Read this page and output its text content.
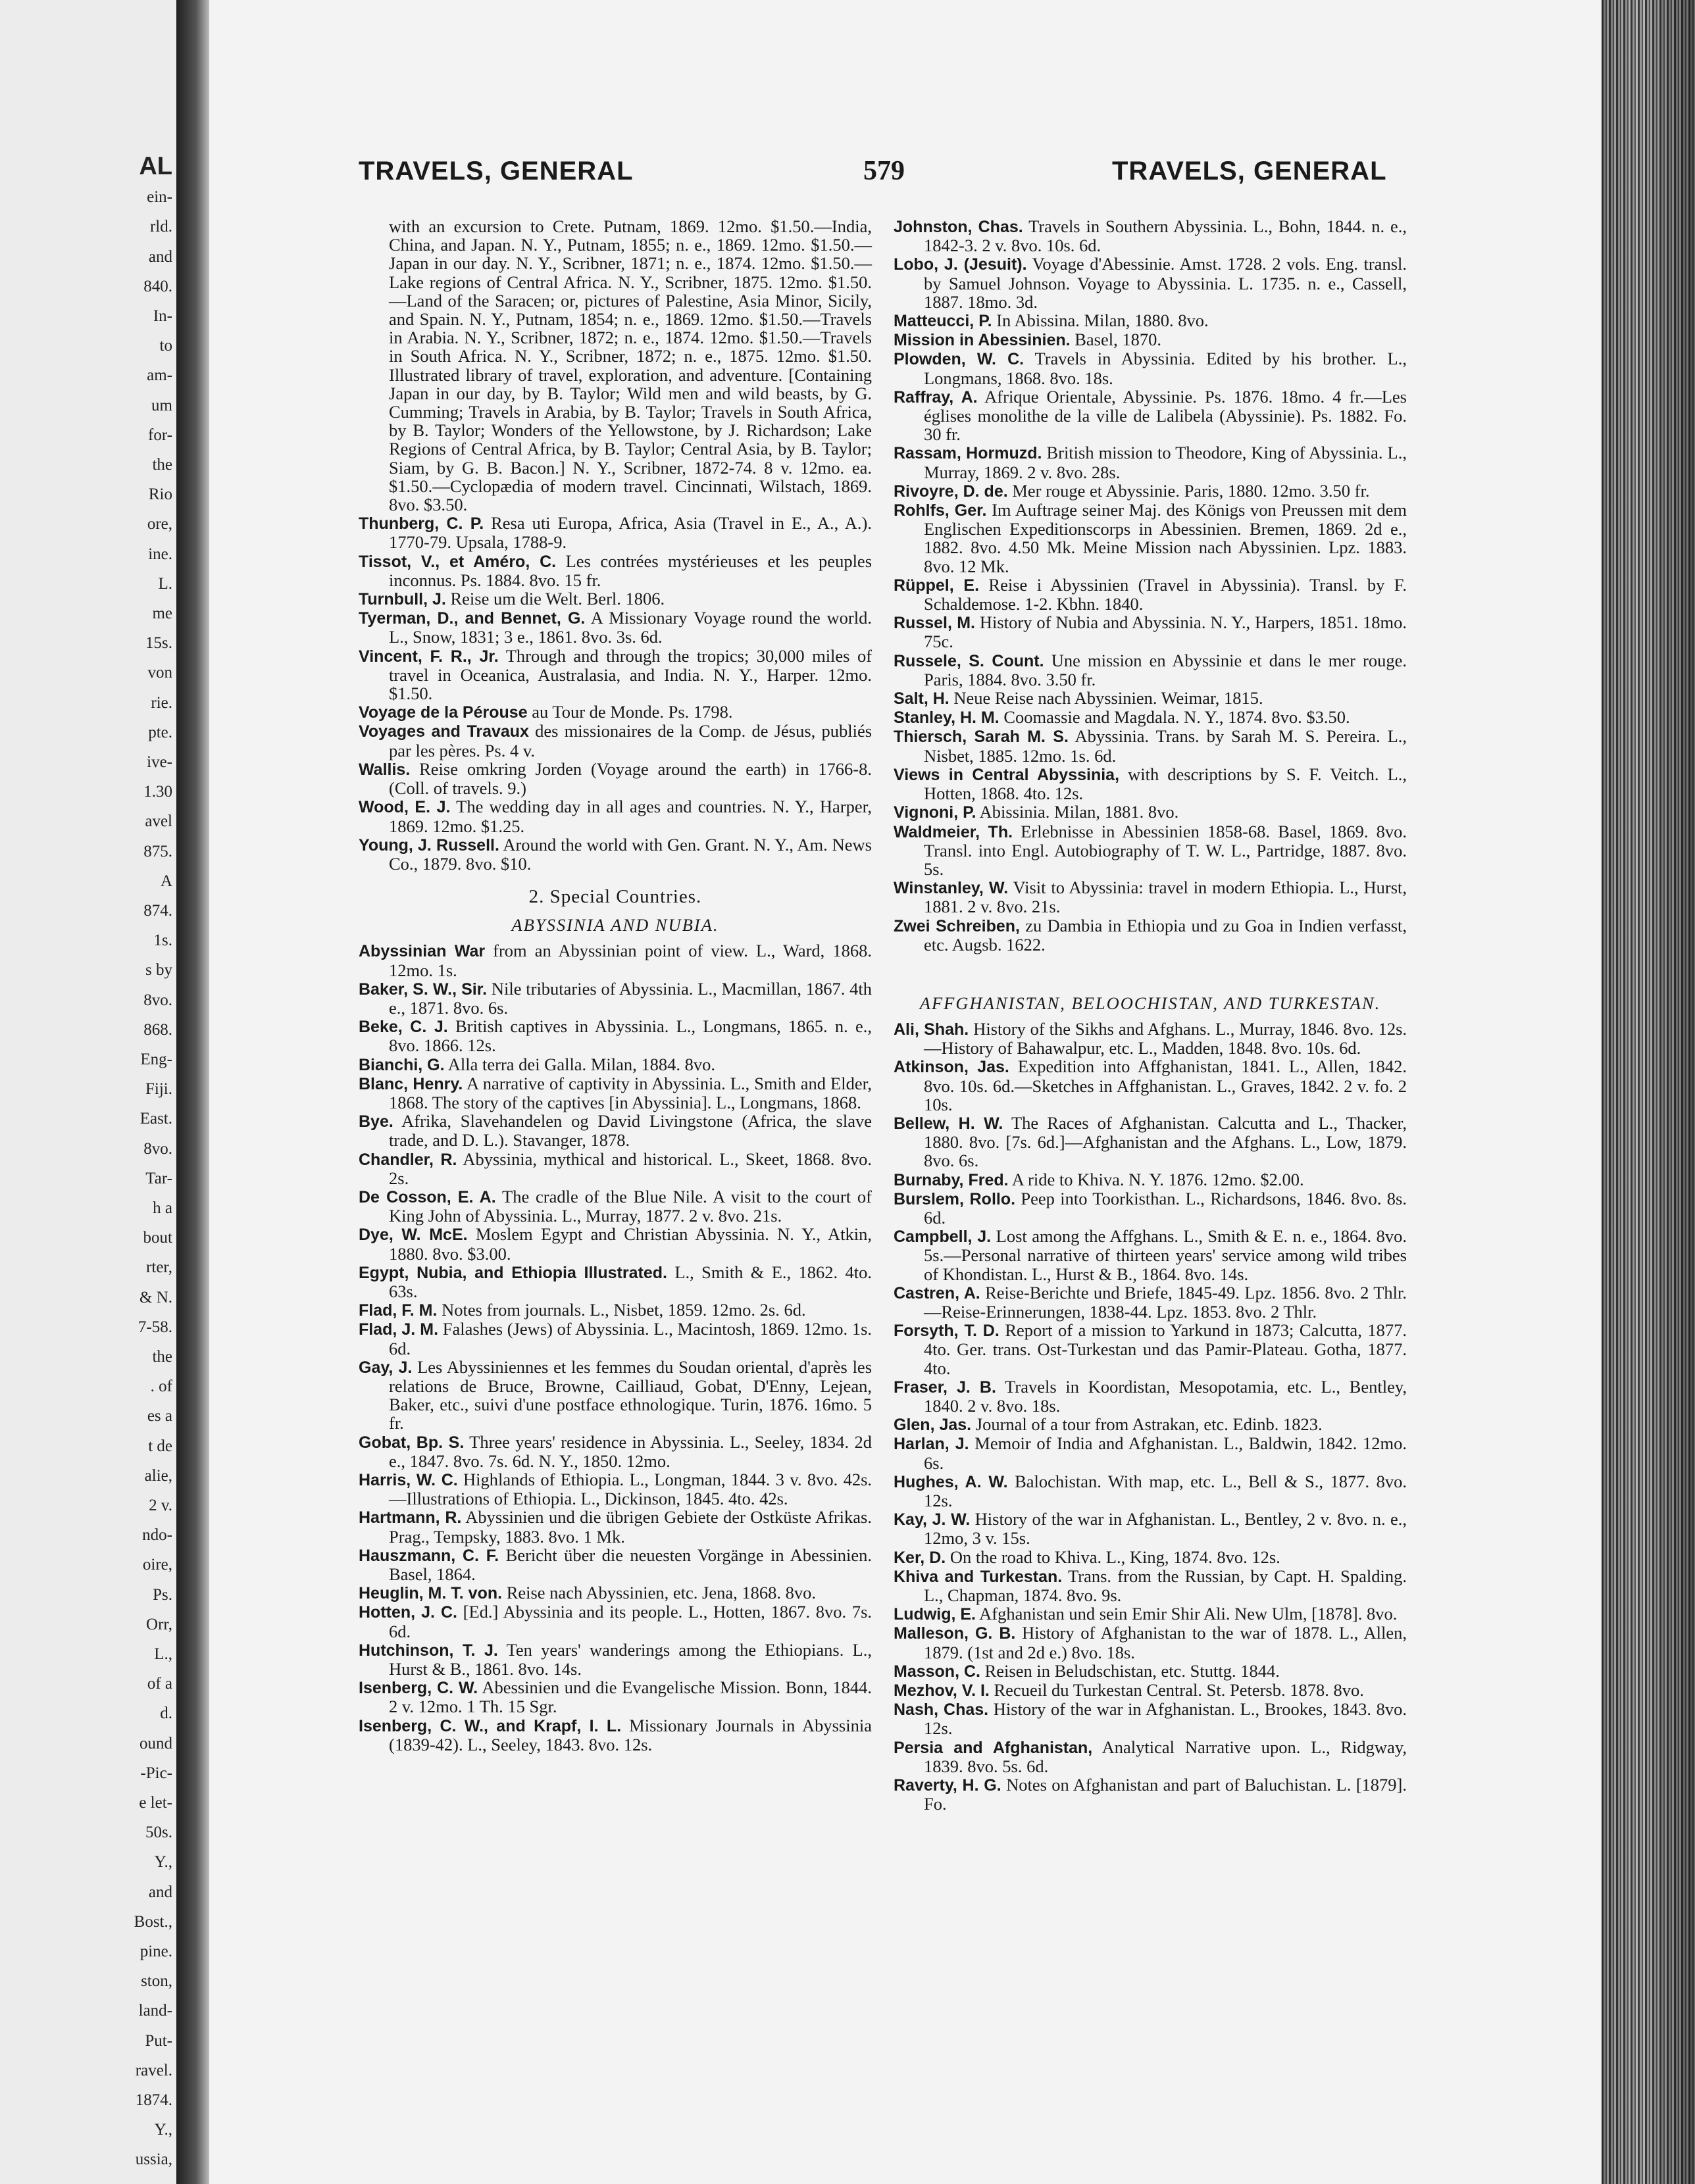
AL
ein-
rld.
and
840.
In-
to
am-
um
for-
the
Rio
ore,
ine.
L.
me
15s.
von
rie.
pte.
ive-
1.30
avel
875.
A
874.
1s.
s by
8vo.
868.
Eng-
Fiji.
East.
8vo.
Tar-
h a
bout
rter,
& N.
7-58.
the
. of
es a
t de
alie,
2 v.
ndo-
oire,
Ps.
Orr,
L.,
of a
d.
ound
-Pic-
e let-
50s.
Y.,
and
Bost.,
pine.
ston,
land-
Put-
ravel.
1874.
Y.,
ussia,
TRAVELS, GENERAL	579	TRAVELS, GENERAL
with an excursion to Crete. Putnam, 1869. 12mo. $1.50.—India, China, and Japan. N. Y., Putnam, 1855; n. e., 1869. 12mo. $1.50.—Japan in our day. N. Y., Scribner, 1871; n. e., 1874. 12mo. $1.50.—Lake regions of Central Africa. N. Y., Scribner, 1875. 12mo. $1.50.—Land of the Saracen; or, pictures of Palestine, Asia Minor, Sicily, and Spain. N. Y., Putnam, 1854; n. e., 1869. 12mo. $1.50.—Travels in Arabia. N. Y., Scribner, 1872; n. e., 1874. 12mo. $1.50.—Travels in South Africa. N. Y., Scribner, 1872; n. e., 1875. 12mo. $1.50. Illustrated library of travel, exploration, and adventure. [Containing Japan in our day, by B. Taylor; Wild men and wild beasts, by G. Cumming; Travels in Arabia, by B. Taylor; Travels in South Africa, by B. Taylor; Wonders of the Yellowstone, by J. Richardson; Lake Regions of Central Africa, by B. Taylor; Central Asia, by B. Taylor; Siam, by G. B. Bacon.] N. Y., Scribner, 1872-74. 8 v. 12mo. ea. $1.50.—Cyclopædia of modern travel. Cincinnati, Wilstach, 1869. 8vo. $3.50.
Thunberg, C. P. Resa uti Europa, Africa, Asia (Travel in E., A., A.). 1770-79. Upsala, 1788-9.
Tissot, V., et Améro, C. Les contrées mystérieuses et les peuples inconnus. Ps. 1884. 8vo. 15 fr.
Turnbull, J. Reise um die Welt. Berl. 1806.
Tyerman, D., and Bennet, G. A Missionary Voyage round the world. L., Snow, 1831; 3 e., 1861. 8vo. 3s. 6d.
Vincent, F. R., Jr. Through and through the tropics; 30,000 miles of travel in Oceanica, Australasia, and India. N. Y., Harper. 12mo. $1.50.
Voyage de la Pérouse au Tour de Monde. Ps. 1798.
Voyages and Travaux des missionaires de la Comp. de Jésus, publiés par les pères. Ps. 4 v.
Wallis. Reise omkring Jorden (Voyage around the earth) in 1766-8. (Coll. of travels. 9.)
Wood, E. J. The wedding day in all ages and countries. N. Y., Harper, 1869. 12mo. $1.25.
Young, J. Russell. Around the world with Gen. Grant. N. Y., Am. News Co., 1879. 8vo. $10.
2. Special Countries.
ABYSSINIA AND NUBIA.
Abyssinian War from an Abyssinian point of view. L., Ward, 1868. 12mo. 1s.
Baker, S. W., Sir. Nile tributaries of Abyssinia. L., Macmillan, 1867. 4th e., 1871. 8vo. 6s.
Beke, C. J. British captives in Abyssinia. L., Longmans, 1865. n. e., 8vo. 1866. 12s.
Bianchi, G. Alla terra dei Galla. Milan, 1884. 8vo.
Blanc, Henry. A narrative of captivity in Abyssinia. L., Smith and Elder, 1868. The story of the captives [in Abyssinia]. L., Longmans, 1868.
Bye. Afrika, Slavehandelen og David Livingstone (Africa, the slave trade, and D. L.). Stavanger, 1878.
Chandler, R. Abyssinia, mythical and historical. L., Skeet, 1868. 8vo. 2s.
De Cosson, E. A. The cradle of the Blue Nile. A visit to the court of King John of Abyssinia. L., Murray, 1877. 2 v. 8vo. 21s.
Dye, W. McE. Moslem Egypt and Christian Abyssinia. N. Y., Atkin, 1880. 8vo. $3.00.
Egypt, Nubia, and Ethiopia Illustrated. L., Smith & E., 1862. 4to. 63s.
Flad, F. M. Notes from journals. L., Nisbet, 1859. 12mo. 2s. 6d.
Flad, J. M. Falashes (Jews) of Abyssinia. L., Macintosh, 1869. 12mo. 1s. 6d.
Gay, J. Les Abyssiniennes et les femmes du Soudan oriental, d'après les relations de Bruce, Browne, Cailliaud, Gobat, D'Enny, Lejean, Baker, etc., suivi d'une postface ethnologique. Turin, 1876. 16mo. 5 fr.
Gobat, Bp. S. Three years' residence in Abyssinia. L., Seeley, 1834. 2d e., 1847. 8vo. 7s. 6d. N. Y., 1850. 12mo.
Harris, W. C. Highlands of Ethiopia. L., Longman, 1844. 3 v. 8vo. 42s.—Illustrations of Ethiopia. L., Dickinson, 1845. 4to. 42s.
Hartmann, R. Abyssinien und die übrigen Gebiete der Ostküste Afrikas. Prag., Tempsky, 1883. 8vo. 1 Mk.
Hauszmann, C. F. Bericht über die neuesten Vorgänge in Abessinien. Basel, 1864.
Heuglin, M. T. von. Reise nach Abyssinien, etc. Jena, 1868. 8vo.
Hotten, J. C. [Ed.] Abyssinia and its people. L., Hotten, 1867. 8vo. 7s. 6d.
Hutchinson, T. J. Ten years' wanderings among the Ethiopians. L., Hurst & B., 1861. 8vo. 14s.
Isenberg, C. W. Abessinien und die Evangelische Mission. Bonn, 1844. 2 v. 12mo. 1 Th. 15 Sgr.
Isenberg, C. W., and Krapf, I. L. Missionary Journals in Abyssinia (1839-42). L., Seeley, 1843. 8vo. 12s.
Johnston, Chas. Travels in Southern Abyssinia. L., Bohn, 1844. n. e., 1842-3. 2 v. 8vo. 10s. 6d.
Lobo, J. (Jesuit). Voyage d'Abessinie. Amst. 1728. 2 vols. Eng. transl. by Samuel Johnson. Voyage to Abyssinia. L. 1735. n. e., Cassell, 1887. 18mo. 3d.
Matteucci, P. In Abissina. Milan, 1880. 8vo.
Mission in Abessinien. Basel, 1870.
Plowden, W. C. Travels in Abyssinia. Edited by his brother. L., Longmans, 1868. 8vo. 18s.
Raffray, A. Afrique Orientale, Abyssinie. Ps. 1876. 18mo. 4 fr.—Les églises monolithe de la ville de Lalibela (Abyssinie). Ps. 1882. Fo. 30 fr.
Rassam, Hormuzd. British mission to Theodore, King of Abyssinia. L., Murray, 1869. 2 v. 8vo. 28s.
Rivoyre, D. de. Mer rouge et Abyssinie. Paris, 1880. 12mo. 3.50 fr.
Rohlfs, Ger. Im Auftrage seiner Maj. des Königs von Preussen mit dem Englischen Expeditionscorps in Abessinien. Bremen, 1869. 2d e., 1882. 8vo. 4.50 Mk. Meine Mission nach Abyssinien. Lpz. 1883. 8vo. 12 Mk.
Rüppel, E. Reise i Abyssinien (Travel in Abyssinia). Transl. by F. Schaldemose. 1-2. Kbhn. 1840.
Russel, M. History of Nubia and Abyssinia. N. Y., Harpers, 1851. 18mo. 75c.
Russele, S. Count. Une mission en Abyssinie et dans le mer rouge. Paris, 1884. 8vo. 3.50 fr.
Salt, H. Neue Reise nach Abyssinien. Weimar, 1815.
Stanley, H. M. Coomassie and Magdala. N. Y., 1874. 8vo. $3.50.
Thiersch, Sarah M. S. Abyssinia. Trans. by Sarah M. S. Pereira. L., Nisbet, 1885. 12mo. 1s. 6d.
Views in Central Abyssinia, with descriptions by S. F. Veitch. L., Hotten, 1868. 4to. 12s.
Vignoni, P. Abissinia. Milan, 1881. 8vo.
Waldmeier, Th. Erlebnisse in Abessinien 1858-68. Basel, 1869. 8vo. Transl. into Engl. Autobiography of T. W. L., Partridge, 1887. 8vo. 5s.
Winstanley, W. Visit to Abyssinia: travel in modern Ethiopia. L., Hurst, 1881. 2 v. 8vo. 21s.
Zwei Schreiben, zu Dambia in Ethiopia und zu Goa in Indien verfasst, etc. Augsb. 1622.
AFFGHANISTAN, BELOOCHISTAN, AND TURKESTAN.
Ali, Shah. History of the Sikhs and Afghans. L., Murray, 1846. 8vo. 12s.—History of Bahawalpur, etc. L., Madden, 1848. 8vo. 10s. 6d.
Atkinson, Jas. Expedition into Affghanistan, 1841. L., Allen, 1842. 8vo. 10s. 6d.—Sketches in Affghanistan. L., Graves, 1842. 2 v. fo. 2 10s.
Bellew, H. W. The Races of Afghanistan. Calcutta and L., Thacker, 1880. 8vo. [7s. 6d.]—Afghanistan and the Afghans. L., Low, 1879. 8vo. 6s.
Burnaby, Fred. A ride to Khiva. N. Y. 1876. 12mo. $2.00.
Burslem, Rollo. Peep into Toorkisthan. L., Richardsons, 1846. 8vo. 8s. 6d.
Campbell, J. Lost among the Affghans. L., Smith & E. n. e., 1864. 8vo. 5s.—Personal narrative of thirteen years' service among wild tribes of Khondistan. L., Hurst & B., 1864. 8vo. 14s.
Castren, A. Reise-Berichte und Briefe, 1845-49. Lpz. 1856. 8vo. 2 Thlr.—Reise-Erinnerungen, 1838-44. Lpz. 1853. 8vo. 2 Thlr.
Forsyth, T. D. Report of a mission to Yarkund in 1873; Calcutta, 1877. 4to. Ger. trans. Ost-Turkestan und das Pamir-Plateau. Gotha, 1877. 4to.
Fraser, J. B. Travels in Koordistan, Mesopotamia, etc. L., Bentley, 1840. 2 v. 8vo. 18s.
Glen, Jas. Journal of a tour from Astrakan, etc. Edinb. 1823.
Harlan, J. Memoir of India and Afghanistan. L., Baldwin, 1842. 12mo. 6s.
Hughes, A. W. Balochistan. With map, etc. L., Bell & S., 1877. 8vo. 12s.
Kay, J. W. History of the war in Afghanistan. L., Bentley, 2 v. 8vo. n. e., 12mo, 3 v. 15s.
Ker, D. On the road to Khiva. L., King, 1874. 8vo. 12s.
Khiva and Turkestan. Trans. from the Russian, by Capt. H. Spalding. L., Chapman, 1874. 8vo. 9s.
Ludwig, E. Afghanistan und sein Emir Shir Ali. New Ulm, [1878]. 8vo.
Malleson, G. B. History of Afghanistan to the war of 1878. L., Allen, 1879. (1st and 2d e.) 8vo. 18s.
Masson, C. Reisen in Beludschistan, etc. Stuttg. 1844.
Mezhov, V. I. Recueil du Turkestan Central. St. Petersb. 1878. 8vo.
Nash, Chas. History of the war in Afghanistan. L., Brookes, 1843. 8vo. 12s.
Persia and Afghanistan, Analytical Narrative upon. L., Ridgway, 1839. 8vo. 5s. 6d.
Raverty, H. G. Notes on Afghanistan and part of Baluchistan. L. [1879]. Fo.
